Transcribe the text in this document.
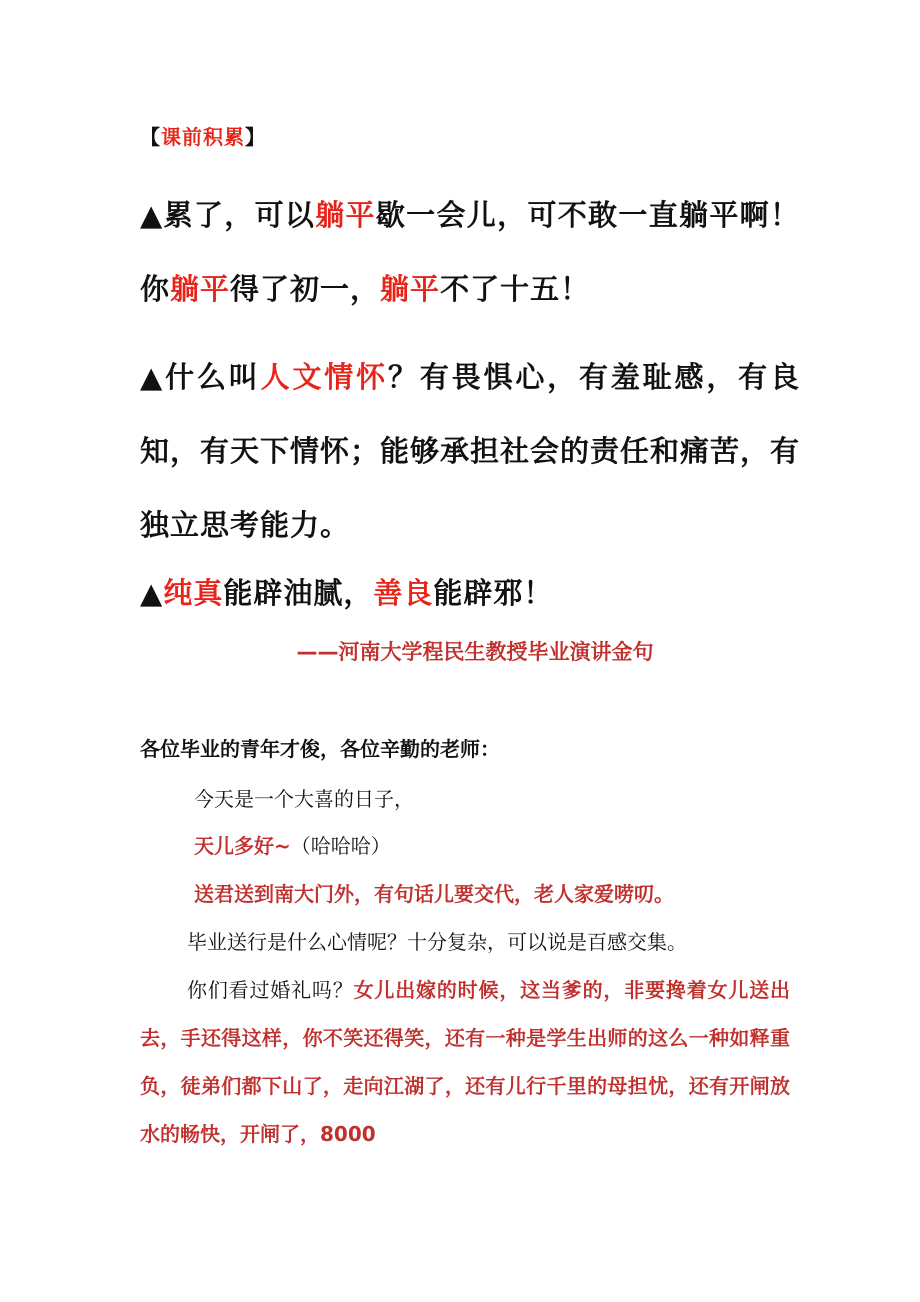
【课前积累】
▲累了，可以躺平歇一会儿，可不敢一直躺平啊！你躺平得了初一，躺平不了十五！
▲什么叫人文情怀？有畏惧心，有羞耻感，有良知，有天下情怀；能够承担社会的责任和痛苦，有独立思考能力。
▲纯真能辟油腻，善良能辟邪！
——河南大学程民生教授毕业演讲金句
各位毕业的青年才俊，各位辛勤的老师：
今天是一个大喜的日子，
天儿多好~（哈哈哈）
送君送到南大门外，有句话儿要交代，老人家爱唠叨。
毕业送行是什么心情呢？十分复杂，可以说是百感交集。
你们看过婚礼吗？女儿出嫁的时候，这当爹的，非要搀着女儿送出去，手还得这样，你不笑还得笑，还有一种是学生出师的这么一种如释重负，徒弟们都下山了，走向江湖了，还有儿行千里的母担忧，还有开闸放水的畅快，开闸了，8000
